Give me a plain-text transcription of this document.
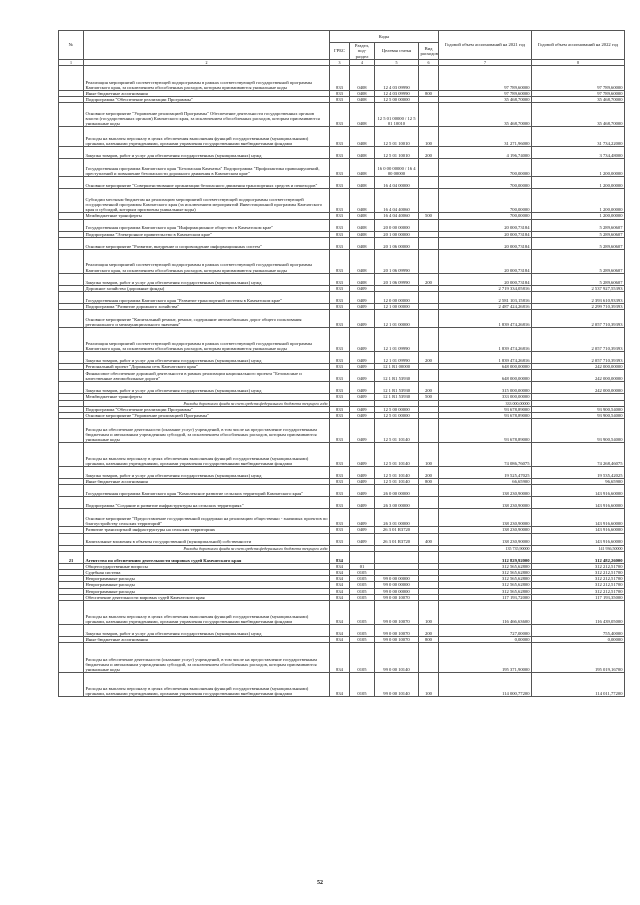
№		Коды				Годовой объем ассигнований на 2021 год	Годовой объем ассигнований на 2022 год
		ГРБС	Раздел, под-раздел	Целевая статья	Вид расходов		
1	2	3	4	5	6	7	8
	Реализация мероприятий соответствующей подпрограммы в рамках соответствующей государственной программы Камчатского края, за исключением обособленных расходов, которым присваиваются уникальные коды	833	0408	12 4 03 09990		97 789,60000	97 789,60000
	Иные бюджетные ассигнования	833	0408	12 4 03 09990	800	97 789,60000	97 789,60000
	Подпрограмма "Обеспечение реализации Программы"	833	0408	12 5 00 00000		35 468,70000	35 468,70000
	Основное мероприятие "Управление реализацией Программы" Обеспечение деятельности государственных органов власти (государственных органов) Камчатского края, за исключением обособленных расходов, которым присваиваются уникальные коды	833	0408	12 5 01 00000 / 12 5 01 10010		35 468,70000	35 468,70000
	Расходы на выплаты персоналу в целях обеспечения выполнения функций государственными (муниципальными) органами, казенными учреждениями, органами управления государственными внебюджетными фондами	833	0408	12 5 01 10010	100	31 271,96000	31 734,22000
	Закупка товаров, работ и услуг для обеспечения государственных (муниципальных) нужд	833	0408	12 5 01 10010	200	4 196,74000	3 734,48000
	Государственная программа Камчатского края "Безопасная Камчатка" Подпрограмма "Профилактика правонарушений, преступлений и повышение безопасности дорожного движения в Камчатском крае"	833	0408	16 0 00 00000 / 16 4 00 00000		700,00000	1 200,00000
	Основное мероприятие "Совершенствование организации безопасного движения транспортных средств и пешеходов"	833	0408	16 4 04 00000		700,00000	1 200,00000
	Субсидии местным бюджетам на реализацию мероприятий соответствующей подпрограммы соответствующей государственной программы Камчатского края (за исключением мероприятий Инвестиционной программы Камчатского края и субсидий, которым присвоены уникальные коды)	833	0408	16 4 04 40060		700,00000	1 200,00000
	Межбюджетные трансферты	833	0408	16 4 04 40060	500	700,00000	1 200,00000
	Государственная программа Камчатского края "Информационное общество в Камчатском крае"	833	0408	20 0 00 00000		20 000,73184	5 289,60607
	Подпрограмма "Электронное правительство в Камчатском крае"	833	0408	20 1 00 00000		20 000,73184	5 289,60607
	Основное мероприятие "Развитие, внедрение и сопровождение информационных систем"	833	0408	20 1 06 00000		20 000,73184	5 289,60607
	Реализация мероприятий соответствующей подпрограммы в рамках соответствующей государственной программы Камчатского края, за исключением обособленных расходов, которым присваиваются уникальные коды	833	0408	20 1 06 09990		20 000,73184	5 289,60607
	Закупка товаров, работ и услуг для обеспечения государственных (муниципальных) нужд	833	0408	20 1 06 09990	200	20 000,73184	5 289,60607
	Дорожное хозяйство (дорожные фонды)	833	0409			2 719 334,05816	2 537 927,55393
	Государственная программа Камчатского края "Развитие транспортной системы в Камчатском крае"	833	0409	12 0 00 00000		2 581 103,15816	2 393 610,93393
	Подпрограмма "Развитие дорожного хозяйства"	833	0409	12 1 00 00000		2 487 424,26816	2 299 710,39393
	Основное мероприятие "Капитальный ремонт, ремонт, содержание автомобильных дорог общего пользования регионального и межмуниципального значения"	833	0409	12 1 01 00000		1 839 474,26816	2 057 710,39393
	Реализация мероприятий соответствующей подпрограммы в рамках соответствующей государственной программы Камчатского края, за исключением обособленных расходов, которым присваиваются уникальные коды	833	0409	12 1 01 09990		1 839 474,26816	2 057 710,39393
	Закупка товаров, работ и услуг для обеспечения государственных (муниципальных) нужд	833	0409	12 1 01 09990	200	1 839 474,26816	2 057 710,39393
	Региональный проект "Дорожная сеть Камчатского края"	833	0409	12 1 R1 00000		648 000,00000	242 000,00000
	Финансовое обеспечение дорожной деятельности в рамках реализации национального проекта "Безопасные и качественные автомобильные дороги"	833	0409	12 1 R1 53930		648 000,00000	242 000,00000
	Закупка товаров, работ и услуг для обеспечения государственных (муниципальных) нужд	833	0409	12 1 R1 53930	200	315 000,00000	242 000,00000
	Межбюджетные трансферты	833	0409	12 1 R1 53930	500	333 000,00000	
	Расходы дорожного фонда за счет средств федерального бюджета текущего года					333 000,00000	
	Подпрограмма "Обеспечение реализации Программы"	833	0409	12 5 00 00000		93 678,89000	93 900,54000
	Основное мероприятие "Управление реализацией Программы"	833	0409	12 5 01 00000		93 678,89000	93 900,54000
	Расходы на обеспечение деятельности (оказание услуг) учреждений, в том числе на предоставление государственным бюджетным и автономным учреждениям субсидий, за исключением обособленных расходов, которым присваиваются уникальные коды	833	0409	12 5 01 10140		93 678,89000	93 900,54000
	Расходы на выплаты персоналу в целях обеспечения выполнения функций государственными (муниципальными) органами, казенными учреждениями, органами управления государственными внебюджетными фондами	833	0409	12 5 01 10140	100	74 086,76075	74 268,46075
	Закупка товаров, работ и услуг для обеспечения государственных (муниципальных) нужд	833	0409	12 5 01 10140	200	19 525,47025	19 535,42025
	Иные бюджетные ассигнования	833	0409	12 5 01 10140	800	66,65900	96,65900
	Государственная программа Камчатского края "Комплексное развитие сельских территорий Камчатского края"	833	0409	26 0 00 00000		138 230,90000	143 916,60000
	Подпрограмма "Создание и развитие инфраструктуры на сельских территориях"	833	0409	26 3 00 00000		138 230,90000	143 916,60000
	Основное мероприятие "Предоставление государственной поддержки на реализацию общественно - значимых проектов по благоустройству сельских территорий"	833	0409	26 3 01 00000		138 230,90000	143 916,60000
	Развитие транспортной инфраструктуры на сельских территориях	833	0409	26 3 01 R3720		138 230,90000	143 916,60000
	Капитальные вложения в объекты государственной (муниципальной) собственности	833	0409	26 3 01 R3720	400	138 230,90000	143 916,60000
	Расходы дорожного фонда за счет средств федерального бюджета текущего года					135 735,90000	141 936,50000
21	Агентство по обеспечению деятельности мировых судей Камчатского края	834				312 829,92000	312 482,26000
	Общегосударственные вопросы	834	01			312 565,62800	312 212,51700
	Судебная система	834	0105			312 565,62800	312 212,51700
	Непрограммные расходы	834	0105	99 0 00 00000		312 565,62800	312 212,51700
	Непрограммные расходы	834	0105	99 0 00 00000		312 565,62800	312 212,51700
	Непрограммные расходы	834	0105	99 0 00 00000		312 565,62800	312 212,51700
	Обеспечение деятельности мировых судей Камчатского края	834	0105	99 0 00 10070		117 193,72000	117 193,35000
	Расходы на выплаты персоналу в целях обеспечения выполнения функций государственными (муниципальными) органами, казенными учреждениями, органами управления государственными внебюджетными фондами	834	0105	99 0 00 10070	100	116 466,63600	116 439,05000
	Закупка товаров, работ и услуг для обеспечения государственных (муниципальных) нужд	834	0105	99 0 00 10070	200	727,00000	755,40000
	Иные бюджетные ассигнования	834	0105	99 0 00 10070	800	0,00000	0,00000
	Расходы на обеспечение деятельности (оказание услуг) учреждений, в том числе на предоставление государственным бюджетным и автономным учреждениям субсидий, за исключением обособленных расходов, которым присваиваются уникальные коды	834	0105	99 0 00 10140		195 371,90000	195 019,16700
	Расходы на выплаты персоналу в целях обеспечения выполнения функций государственными (муниципальными) органами, казенными учреждениями, органами управления государственными внебюджетными фондами	834	0105	99 0 00 10140	100	114 000,77200	114 011,77200
52
